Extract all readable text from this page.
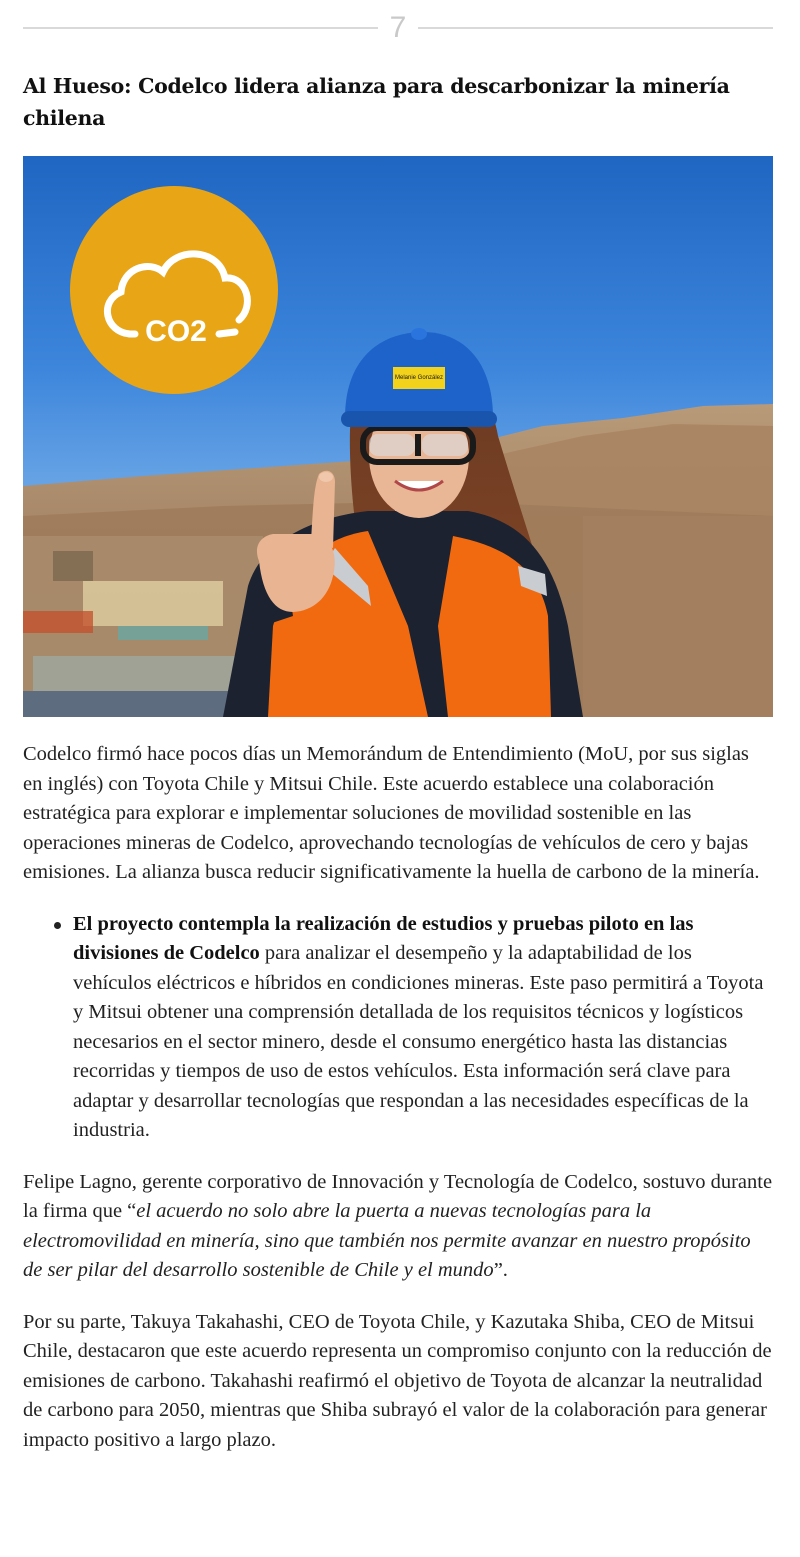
7
Al Hueso: Codelco lidera alianza para descarbonizar la minería chilena
CO2
Melanie González

Codelco firmó hace pocos días un Memorándum de Entendimiento (MoU, por sus siglas en inglés) con Toyota Chile y Mitsui Chile. Este acuerdo establece una colaboración estratégica para explorar e implementar soluciones de movilidad sostenible en las operaciones mineras de Codelco, aprovechando tecnologías de vehículos de cero y bajas emisiones. La alianza busca reducir significativamente la huella de carbono de la minería.

El proyecto contempla la realización de estudios y pruebas piloto en las divisiones de Codelco para analizar el desempeño y la adaptabilidad de los vehículos eléctricos e híbridos en condiciones mineras. Este paso permitirá a Toyota y Mitsui obtener una comprensión detallada de los requisitos técnicos y logísticos necesarios en el sector minero, desde el consumo energético hasta las distancias recorridas y tiempos de uso de estos vehículos. Esta información será clave para adaptar y desarrollar tecnologías que respondan a las necesidades específicas de la industria.

Felipe Lagno, gerente corporativo de Innovación y Tecnología de Codelco, sostuvo durante la firma que “el acuerdo no solo abre la puerta a nuevas tecnologías para la electromovilidad en minería, sino que también nos permite avanzar en nuestro propósito de ser pilar del desarrollo sostenible de Chile y el mundo”.

Por su parte, Takuya Takahashi, CEO de Toyota Chile, y Kazutaka Shiba, CEO de Mitsui Chile, destacaron que este acuerdo representa un compromiso conjunto con la reducción de emisiones de carbono. Takahashi reafirmó el objetivo de Toyota de alcanzar la neutralidad de carbono para 2050, mientras que Shiba subrayó el valor de la colaboración para generar impacto positivo a largo plazo.
